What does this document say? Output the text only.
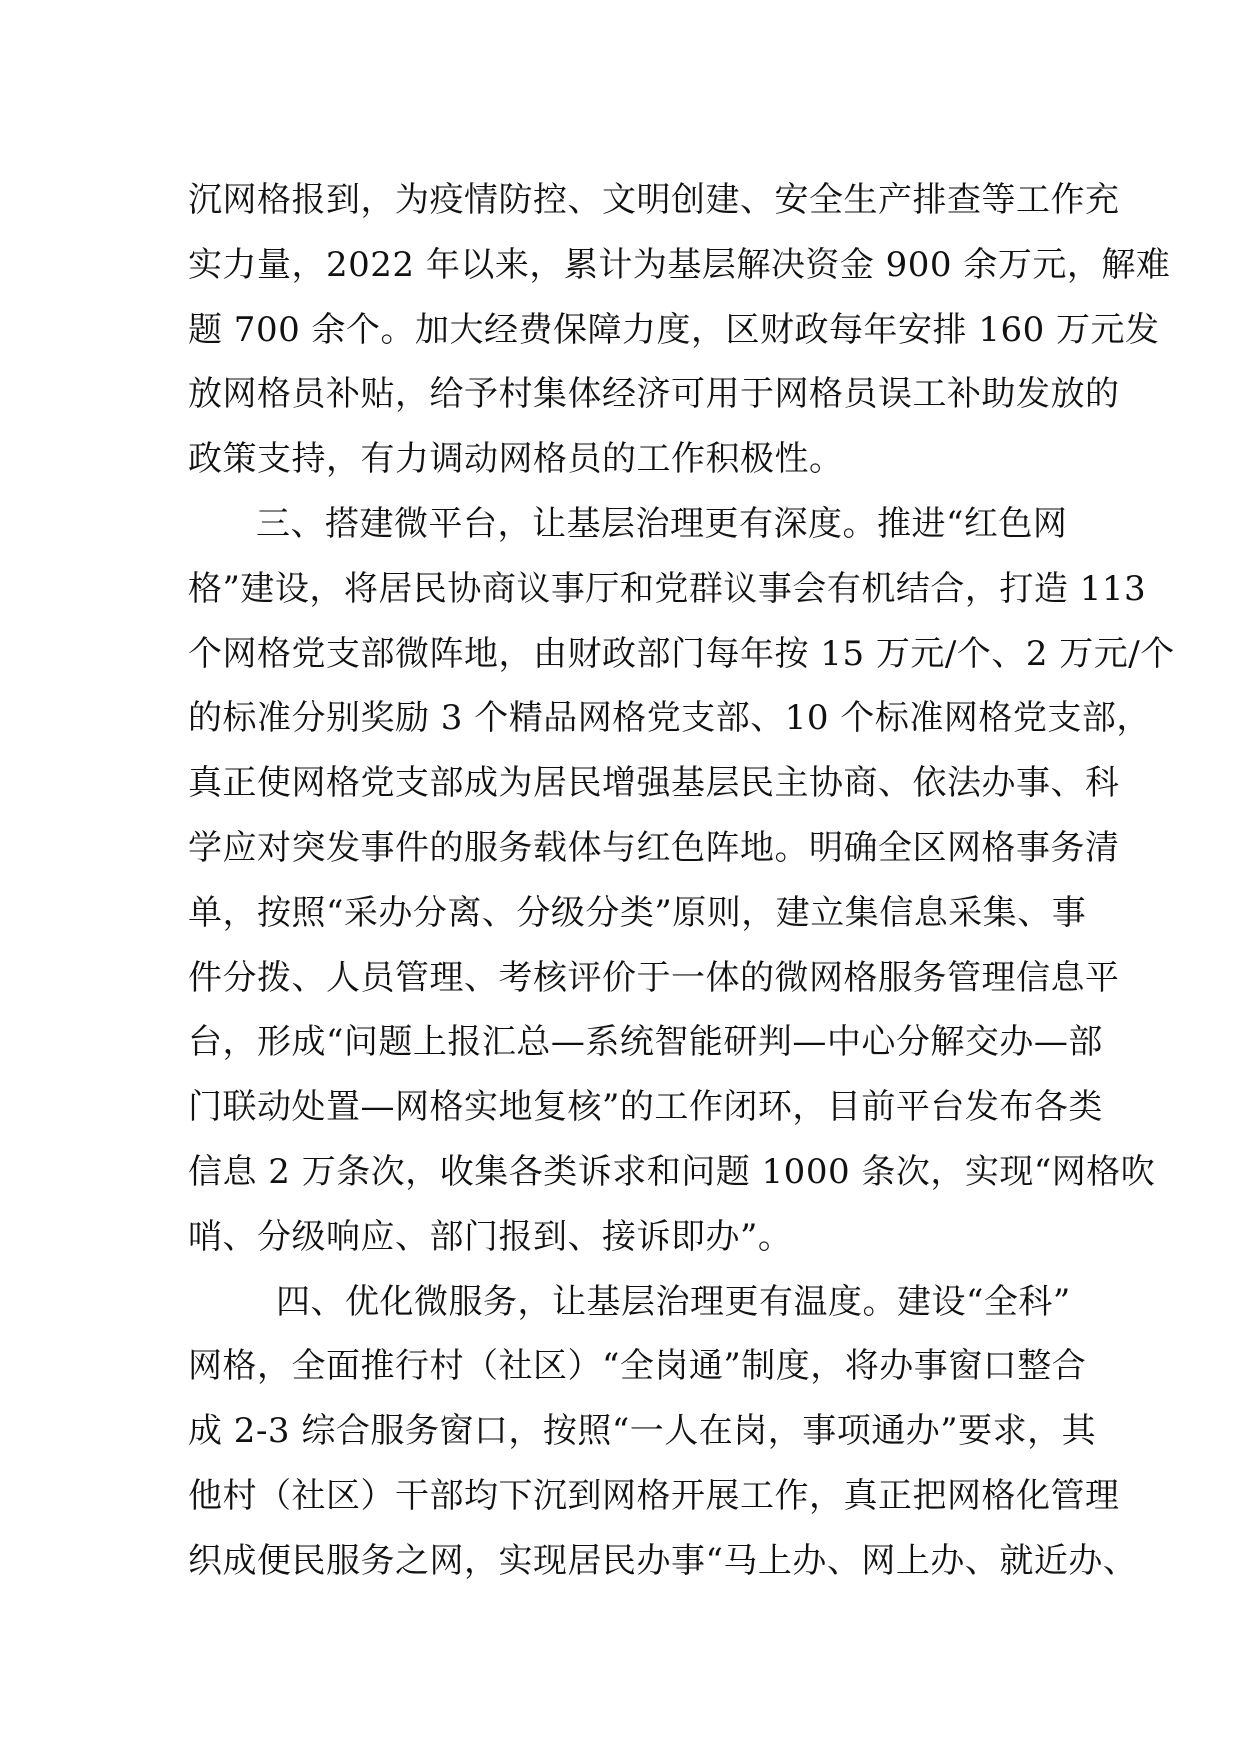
沉网格报到，为疫情防控、文明创建、安全生产排查等工作充
实力量，2022 年以来，累计为基层解决资金 900 余万元，解难
题 700 余个。加大经费保障力度，区财政每年安排 160 万元发
放网格员补贴，给予村集体经济可用于网格员误工补助发放的
政策支持，有力调动网格员的工作积极性。
三、搭建微平台，让基层治理更有深度。推进“红色网
格”建设，将居民协商议事厅和党群议事会有机结合，打造 113
个网格党支部微阵地，由财政部门每年按 15 万元/个、2 万元/个
的标准分别奖励 3 个精品网格党支部、10 个标准网格党支部，
真正使网格党支部成为居民增强基层民主协商、依法办事、科
学应对突发事件的服务载体与红色阵地。明确全区网格事务清
单，按照“采办分离、分级分类”原则，建立集信息采集、事
件分拨、人员管理、考核评价于一体的微网格服务管理信息平
台，形成“问题上报汇总—系统智能研判—中心分解交办—部
门联动处置—网格实地复核”的工作闭环，目前平台发布各类
信息 2 万条次，收集各类诉求和问题 1000 条次，实现“网格吹
哨、分级响应、部门报到、接诉即办”。
四、优化微服务，让基层治理更有温度。建设“全科”
网格，全面推行村（社区）“全岗通”制度，将办事窗口整合
成 2-3 综合服务窗口，按照“一人在岗，事项通办”要求，其
他村（社区）干部均下沉到网格开展工作，真正把网格化管理
织成便民服务之网，实现居民办事“马上办、网上办、就近办、
